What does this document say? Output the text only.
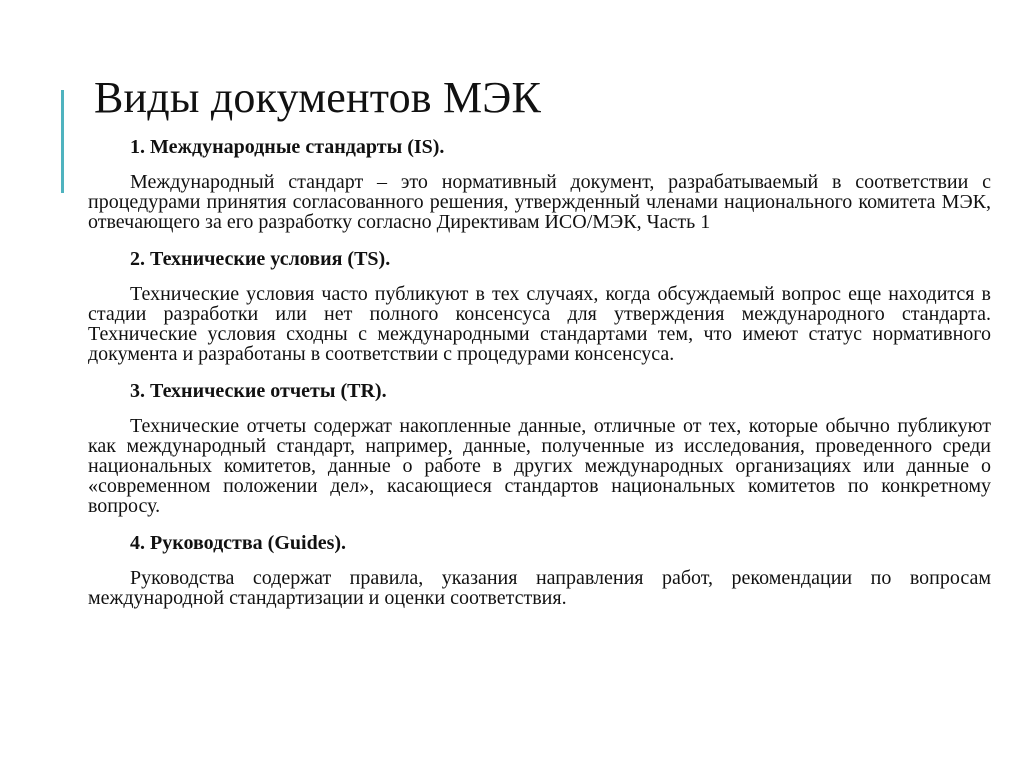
Виды документов МЭК
1. Международные стандарты (IS).

Международный стандарт – это нормативный документ, разрабатываемый в соответствии с процедурами принятия согласованного решения, утвержденный членами национального комитета МЭК, отвечающего за его разработку согласно Директивам ИСО/МЭК, Часть 1

2. Технические условия (TS).

Технические условия часто публикуют в тех случаях, когда обсуждаемый вопрос еще находится в стадии разработки или нет полного консенсуса для утверждения международного стандарта. Технические условия сходны с международными стандартами тем, что имеют статус нормативного документа и разработаны в соответствии с процедурами консенсуса.

3. Технические отчеты (TR).

Технические отчеты содержат накопленные данные, отличные от тех, которые обычно публикуют как международный стандарт, например, данные, полученные из исследования, проведенного среди национальных комитетов, данные о работе в других международных организациях или данные о «современном положении дел», касающиеся стандартов национальных комитетов по конкретному вопросу.

4. Руководства (Guides).

Руководства содержат правила, указания направления работ, рекомендации по вопросам международной стандартизации и оценки соответствия.
